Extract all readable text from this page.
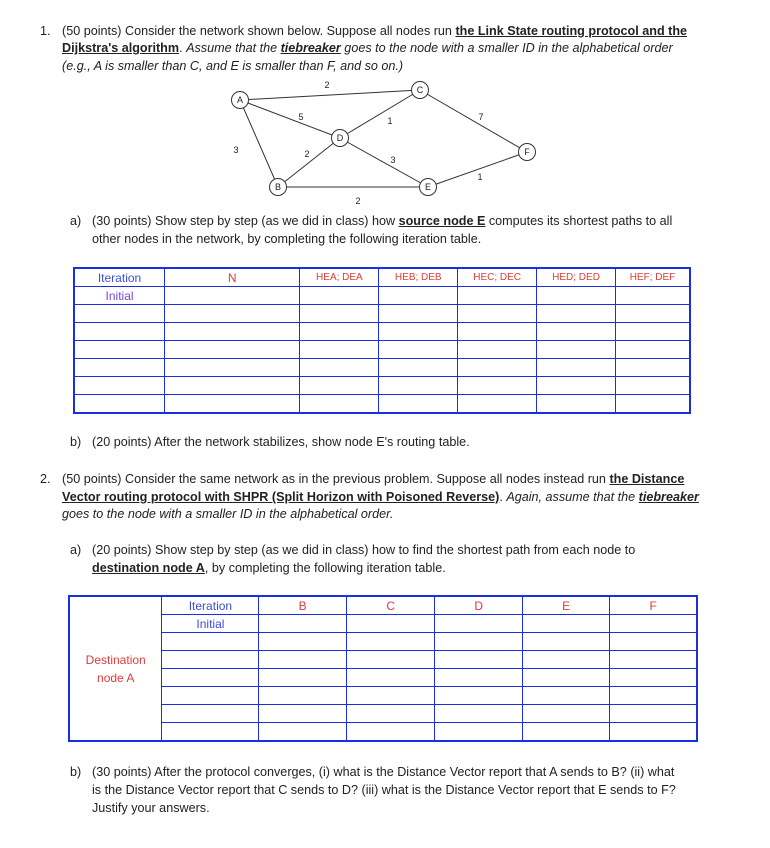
1. (50 points) Consider the network shown below. Suppose all nodes run the Link State routing protocol and the
Dijkstra's algorithm. Assume that the tiebreaker goes to the node with a smaller ID in the alphabetical order
(e.g., A is smaller than C, and E is smaller than F, and so on.)
2
5	1	7
3	2
3
1
2
A
B
C
D
E
F
a) (30 points) Show step by step (as we did in class) how source node E computes its shortest paths to all
other nodes in the network, by completing the following iteration table.
Iteration	N	HEA; DEA	HEB; DEB	HEC; DEC	HED; DED	HEF; DEF
Initial						

b) (20 points) After the network stabilizes, show node E's routing table.
2. (50 points) Consider the same network as in the previous problem. Suppose all nodes instead run the Distance
Vector routing protocol with SHPR (Split Horizon with Poisoned Reverse). Again, assume that the tiebreaker
goes to the node with a smaller ID in the alphabetical order.
a) (20 points) Show step by step (as we did in class) how to find the shortest path from each node to
destination node A, by completing the following iteration table.
Destination
node A	Iteration	B	C	D	E	F
	Initial					

b) (30 points) After the protocol converges, (i) what is the Distance Vector report that A sends to B? (ii) what
is the Distance Vector report that C sends to D? (iii) what is the Distance Vector report that E sends to F?
Justify your answers.
